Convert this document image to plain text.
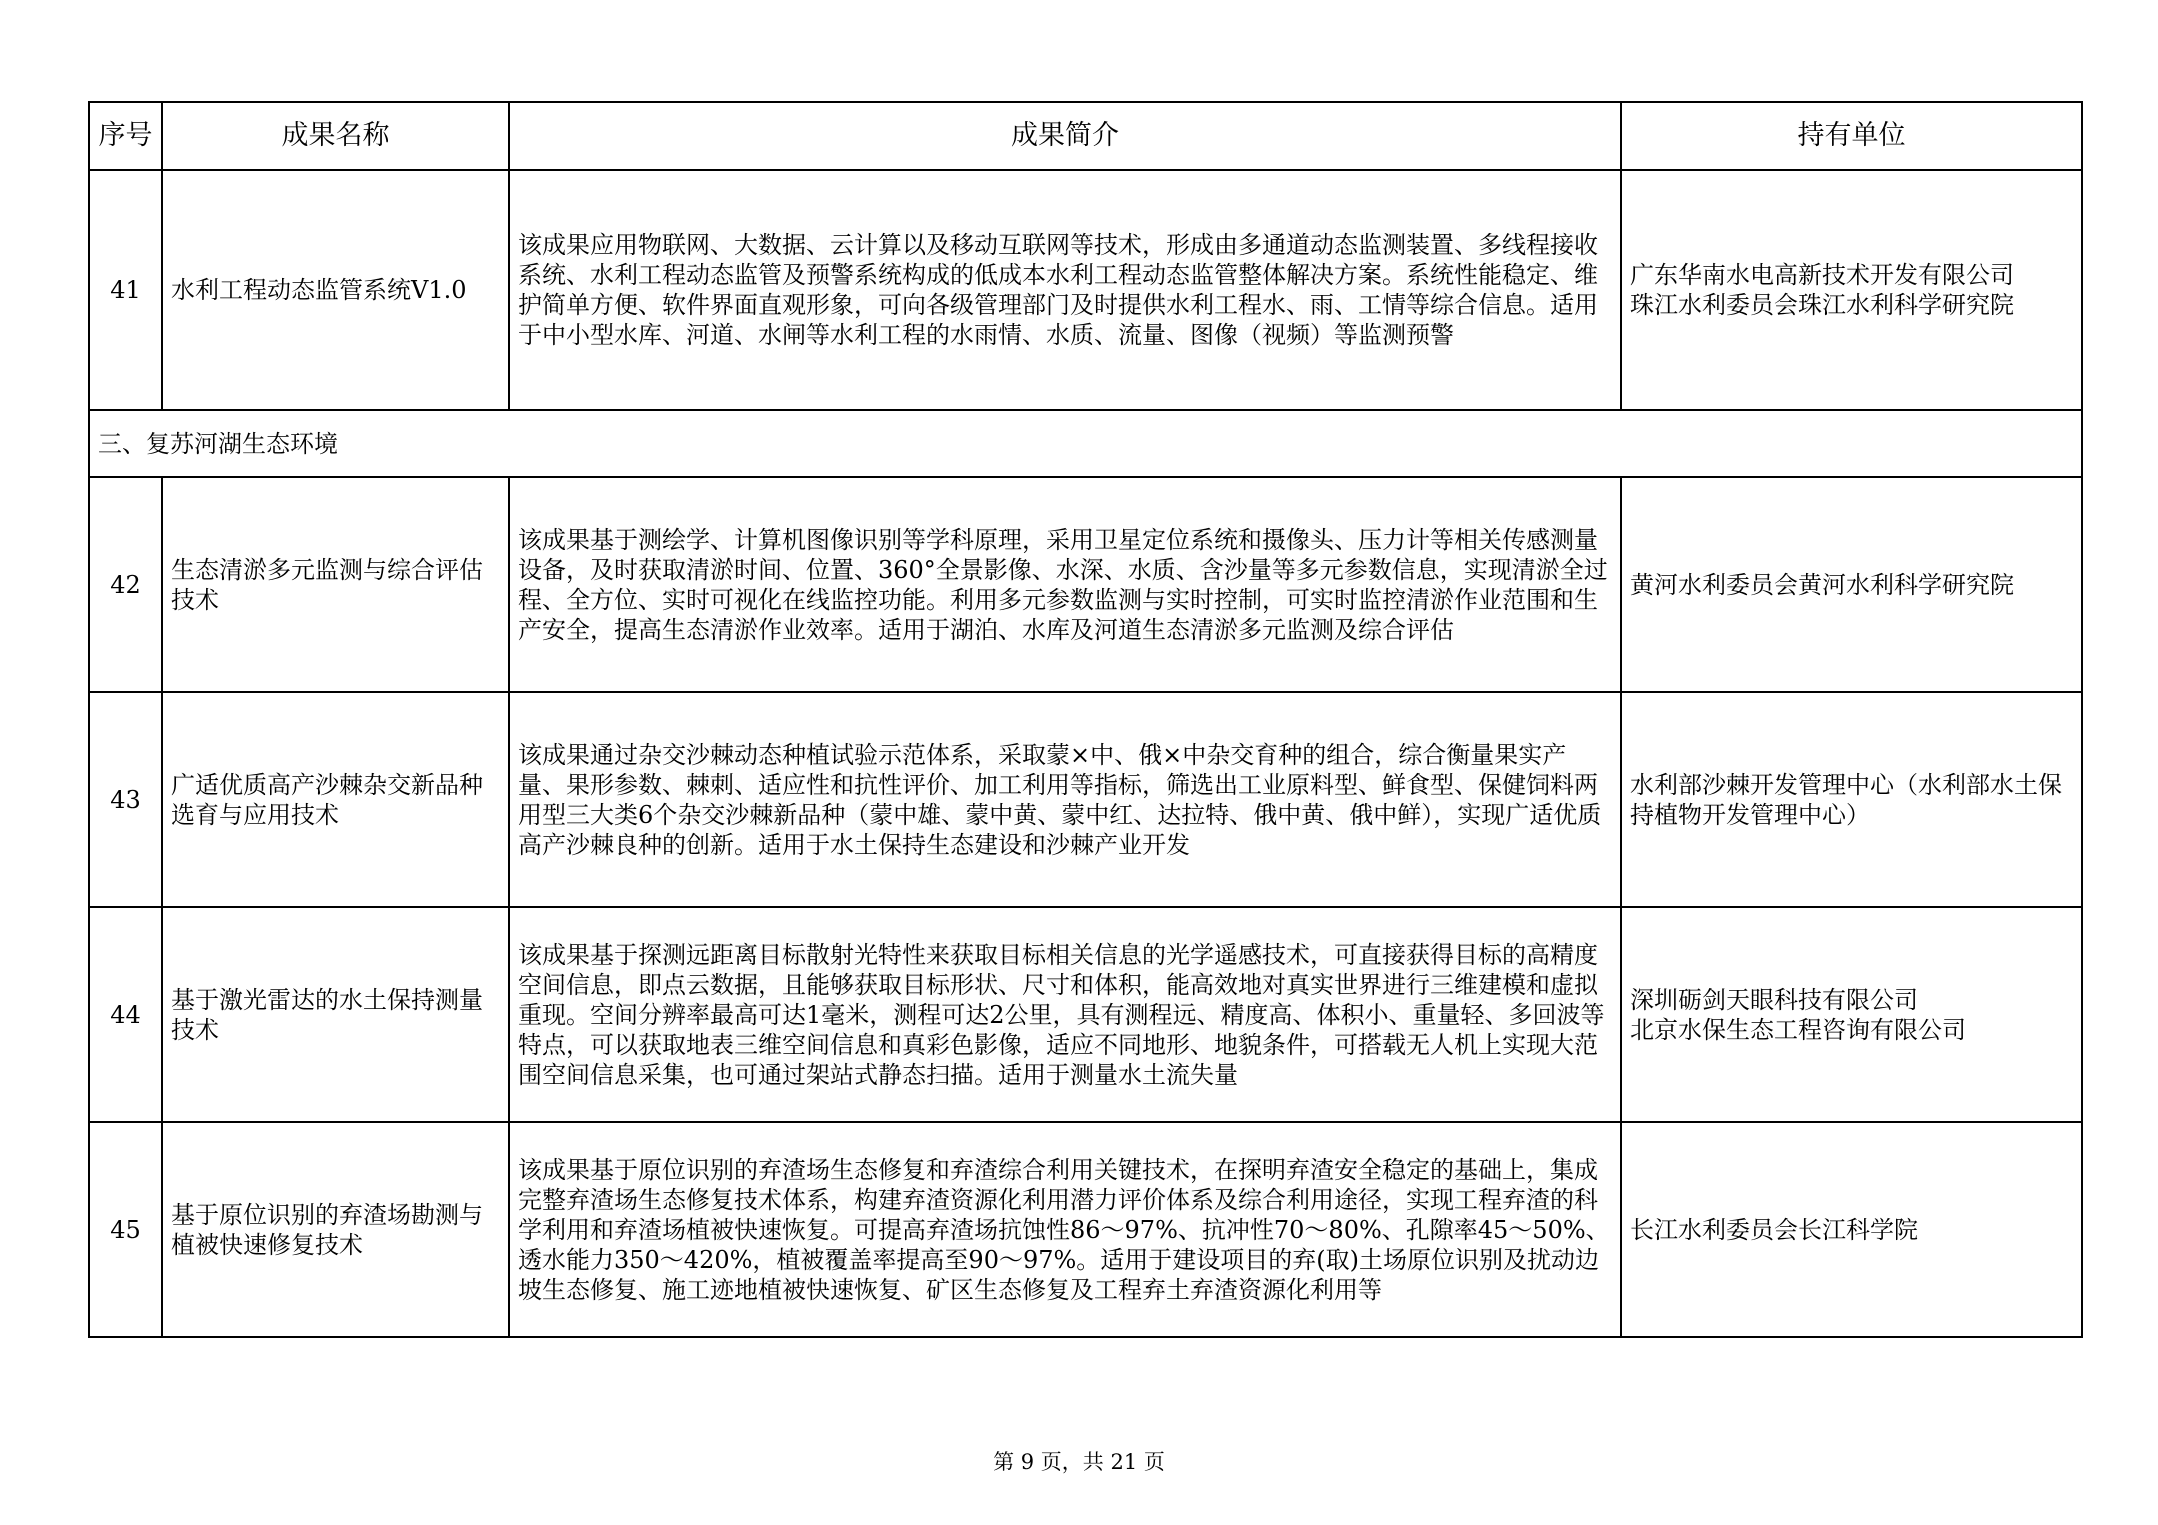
序号	成果名称	成果简介	持有单位
41	水利工程动态监管系统V1.0	该成果应用物联网、大数据、云计算以及移动互联网等技术，形成由多通道动态监测装置、多线程接收系统、水利工程动态监管及预警系统构成的低成本水利工程动态监管整体解决方案。系统性能稳定、维护简单方便、软件界面直观形象，可向各级管理部门及时提供水利工程水、雨、工情等综合信息。适用于中小型水库、河道、水闸等水利工程的水雨情、水质、流量、图像（视频）等监测预警	广东华南水电高新技术开发有限公司
珠江水利委员会珠江水利科学研究院

三、复苏河湖生态环境			
42	生态清淤多元监测与综合评估技术	该成果基于测绘学、计算机图像识别等学科原理，采用卫星定位系统和摄像头、压力计等相关传感测量设备，及时获取清淤时间、位置、360°全景影像、水深、水质、含沙量等多元参数信息，实现清淤全过程、全方位、实时可视化在线监控功能。利用多元参数监测与实时控制，可实时监控清淤作业范围和生产安全，提高生态清淤作业效率。适用于湖泊、水库及河道生态清淤多元监测及综合评估	黄河水利委员会黄河水利科学研究院
43	广适优质高产沙棘杂交新品种选育与应用技术	该成果通过杂交沙棘动态种植试验示范体系，采取蒙×中、俄×中杂交育种的组合，综合衡量果实产量、果形参数、棘刺、适应性和抗性评价、加工利用等指标，筛选出工业原料型、鲜食型、保健饲料两用型三大类6个杂交沙棘新品种（蒙中雄、蒙中黄、蒙中红、达拉特、俄中黄、俄中鲜），实现广适优质高产沙棘良种的创新。适用于水土保持生态建设和沙棘产业开发	水利部沙棘开发管理中心（水利部水土保持植物开发管理中心）
44	基于激光雷达的水土保持测量技术	该成果基于探测远距离目标散射光特性来获取目标相关信息的光学遥感技术，可直接获得目标的高精度空间信息，即点云数据，且能够获取目标形状、尺寸和体积，能高效地对真实世界进行三维建模和虚拟重现。空间分辨率最高可达1毫米，测程可达2公里，具有测程远、精度高、体积小、重量轻、多回波等特点，可以获取地表三维空间信息和真彩色影像，适应不同地形、地貌条件，可搭载无人机上实现大范围空间信息采集，也可通过架站式静态扫描。适用于测量水土流失量	深圳砺剑天眼科技有限公司
北京水保生态工程咨询有限公司

45	基于原位识别的弃渣场勘测与植被快速修复技术	该成果基于原位识别的弃渣场生态修复和弃渣综合利用关键技术，在探明弃渣安全稳定的基础上，集成完整弃渣场生态修复技术体系，构建弃渣资源化利用潜力评价体系及综合利用途径，实现工程弃渣的科学利用和弃渣场植被快速恢复。可提高弃渣场抗蚀性86～97%、抗冲性70～80%、孔隙率45～50%、透水能力350～420%，植被覆盖率提高至90～97%。适用于建设项目的弃(取)土场原位识别及扰动边坡生态修复、施工迹地植被快速恢复、矿区生态修复及工程弃土弃渣资源化利用等	长江水利委员会长江科学院
第 9 页，共 21 页
